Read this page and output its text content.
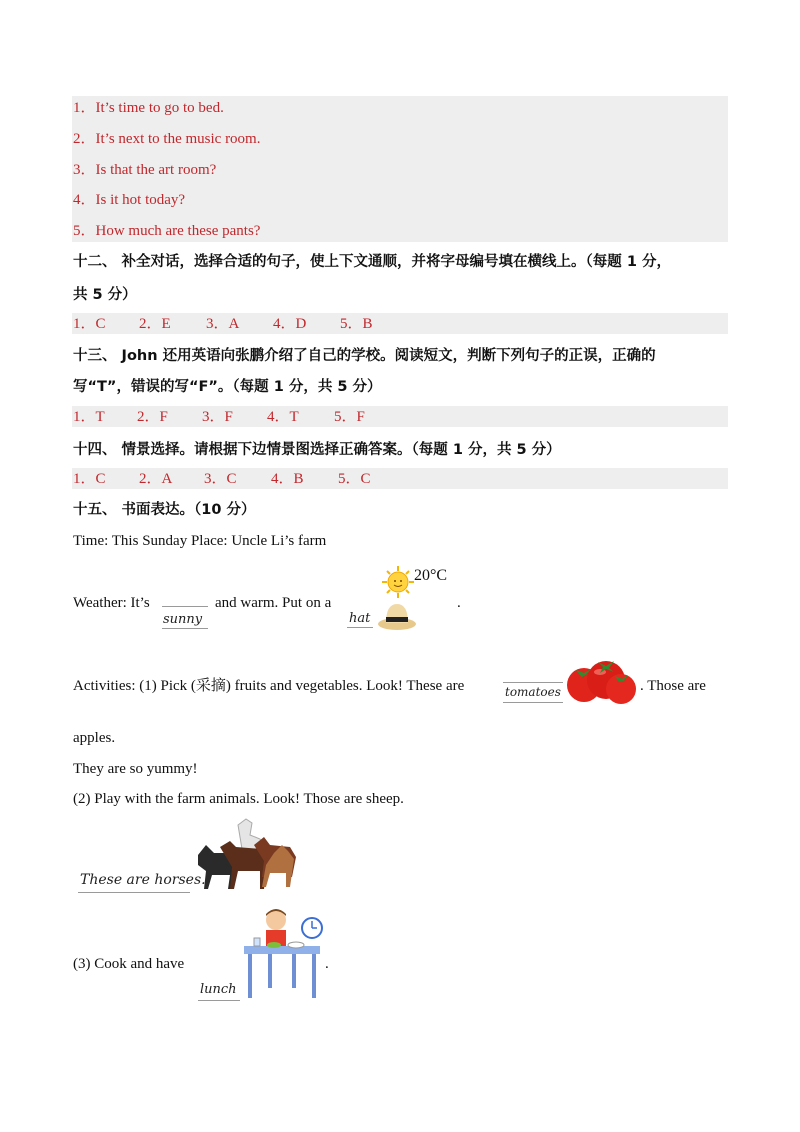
1．It’s time to go to bed.
2．It’s next to the music room.
3．Is that the art room?
4．Is it hot today?
5．How much are these pants?
十二、 补全对话，选择合适的句子，使上下文通顺，并将字母编号填在横线上。（每题 1 分，
共 5 分）
1．C 2．E 3．A 4．D 5．B
十三、 John 还用英语向张鹏介绍了自己的学校。阅读短文，判断下列句子的正误，正确的
写“T”，错误的写“F”。（每题 1 分，共 5 分）
1．T 2．F 3．F 4．T 5．F
十四、 情景选择。请根据下边情景图选择正确答案。（每题 1 分，共 5 分）
1．C 2．A 3．C 4．B 5．C
十五、 书面表达。（10 分）
Time: This Sunday Place: Uncle Li’s farm
Weather: It’s
sunny
and warm. Put on a
hat
20°C
.
Activities: (1) Pick (采摘) fruits and vegetables. Look! These are	tomatoes	. Those are
apples.
They are so yummy!
(2) Play with the farm animals. Look! Those are sheep.
These are horses.
(3) Cook and have
lunch
.
